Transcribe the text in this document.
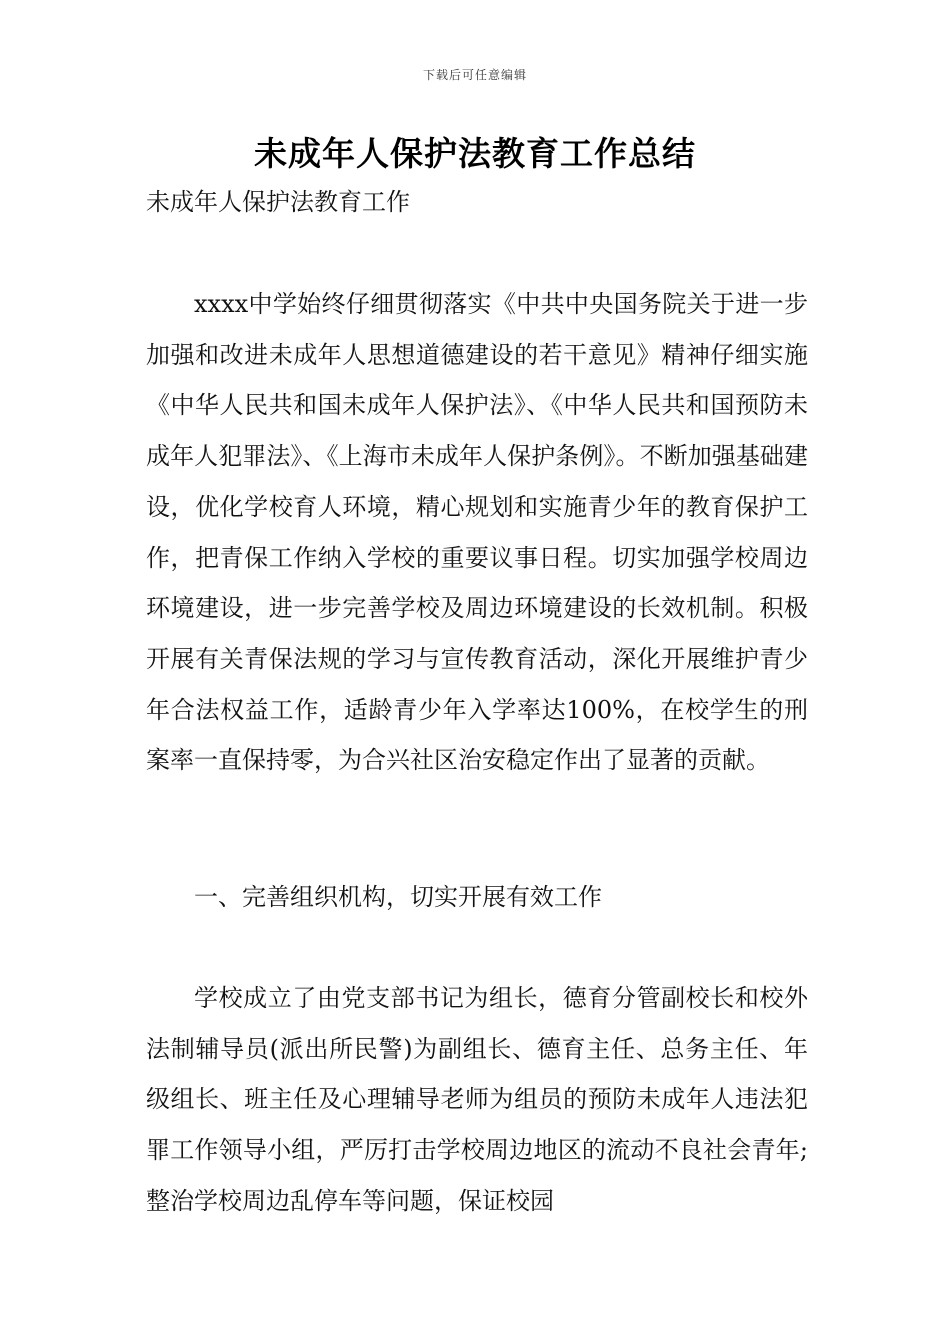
下载后可任意编辑
未成年人保护法教育工作总结
未成年人保护法教育工作

xxxx中学始终仔细贯彻落实《中共中央国务院关于进一步加强和改进未成年人思想道德建设的若干意见》精神仔细实施《中华人民共和国未成年人保护法》、《中华人民共和国预防未成年人犯罪法》、《上海市未成年人保护条例》。不断加强基础建设，优化学校育人环境，精心规划和实施青少年的教育保护工作，把青保工作纳入学校的重要议事日程。切实加强学校周边环境建设，进一步完善学校及周边环境建设的长效机制。积极开展有关青保法规的学习与宣传教育活动，深化开展维护青少年合法权益工作，适龄青少年入学率达100%，在校学生的刑案率一直保持零，为合兴社区治安稳定作出了显著的贡献。

一、完善组织机构，切实开展有效工作

学校成立了由党支部书记为组长，德育分管副校长和校外法制辅导员(派出所民警)为副组长、德育主任、总务主任、年级组长、班主任及心理辅导老师为组员的预防未成年人违法犯罪工作领导小组，严厉打击学校周边地区的流动不良社会青年;整治学校周边乱停车等问题，保证校园
